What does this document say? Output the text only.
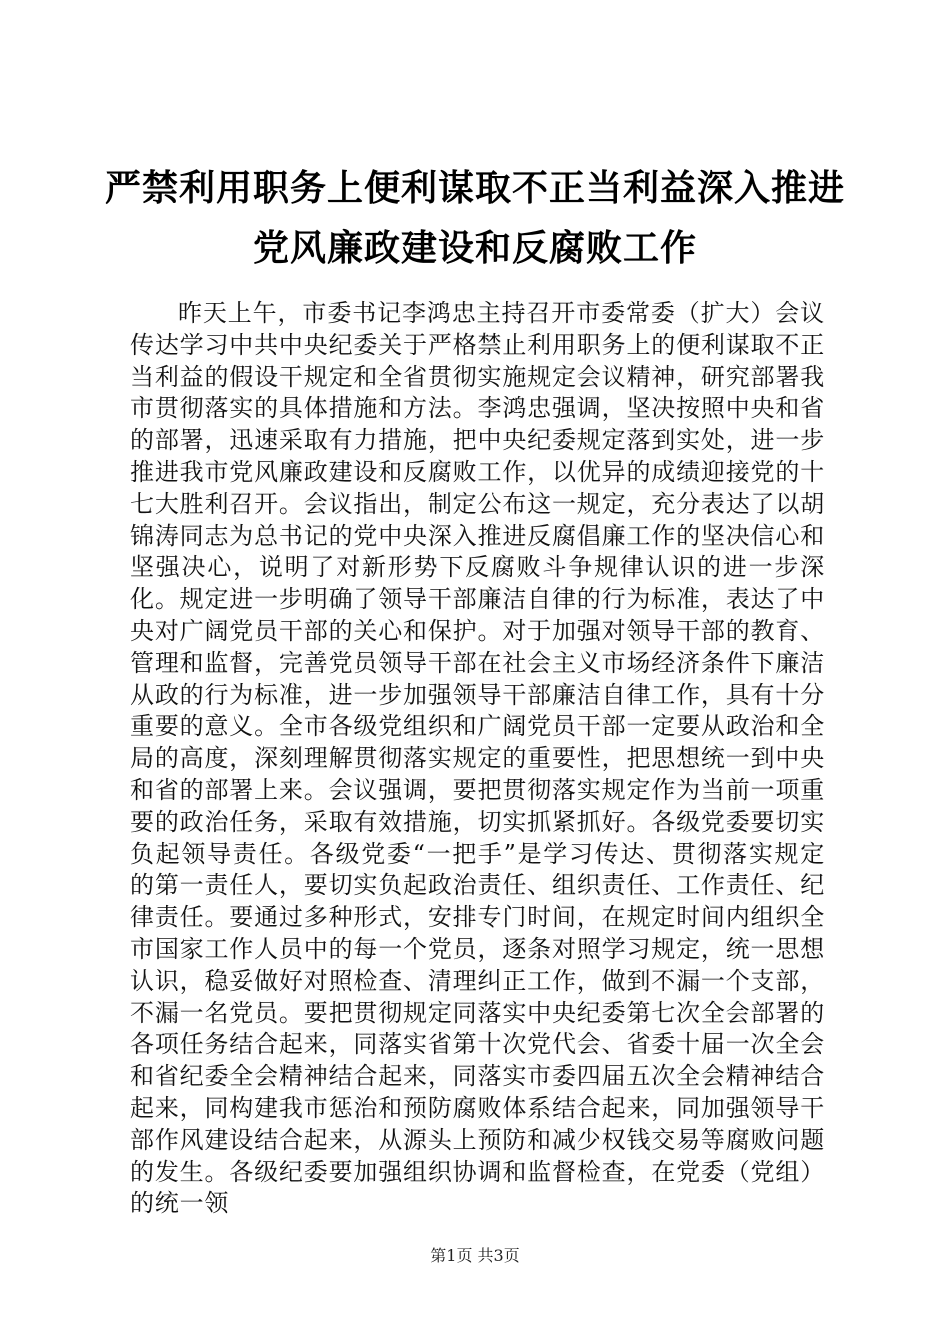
严禁利用职务上便利谋取不正当利益深入推进
党风廉政建设和反腐败工作

昨天上午，市委书记李鸿忠主持召开市委常委（扩大）会议传达学习中共中央纪委关于严格禁止利用职务上的便利谋取不正当利益的假设干规定和全省贯彻实施规定会议精神，研究部署我市贯彻落实的具体措施和方法。李鸿忠强调，坚决按照中央和省的部署，迅速采取有力措施，把中央纪委规定落到实处，进一步推进我市党风廉政建设和反腐败工作，以优异的成绩迎接党的十七大胜利召开。会议指出，制定公布这一规定，充分表达了以胡锦涛同志为总书记的党中央深入推进反腐倡廉工作的坚决信心和坚强决心，说明了对新形势下反腐败斗争规律认识的进一步深化。规定进一步明确了领导干部廉洁自律的行为标准，表达了中央对广阔党员干部的关心和保护。对于加强对领导干部的教育、管理和监督，完善党员领导干部在社会主义市场经济条件下廉洁从政的行为标准，进一步加强领导干部廉洁自律工作，具有十分重要的意义。全市各级党组织和广阔党员干部一定要从政治和全局的高度，深刻理解贯彻落实规定的重要性，把思想统一到中央和省的部署上来。会议强调，要把贯彻落实规定作为当前一项重要的政治任务，采取有效措施，切实抓紧抓好。各级党委要切实负起领导责任。各级党委“一把手”是学习传达、贯彻落实规定的第一责任人，要切实负起政治责任、组织责任、工作责任、纪律责任。要通过多种形式，安排专门时间，在规定时间内组织全市国家工作人员中的每一个党员，逐条对照学习规定，统一思想认识，稳妥做好对照检查、清理纠正工作，做到不漏一个支部，不漏一名党员。要把贯彻规定同落实中央纪委第七次全会部署的各项任务结合起来，同落实省第十次党代会、省委十届一次全会和省纪委全会精神结合起来，同落实市委四届五次全会精神结合起来，同构建我市惩治和预防腐败体系结合起来，同加强领导干部作风建设结合起来，从源头上预防和减少权钱交易等腐败问题的发生。各级纪委要加强组织协调和监督检查，在党委（党组）的统一领

第1页 共3页
